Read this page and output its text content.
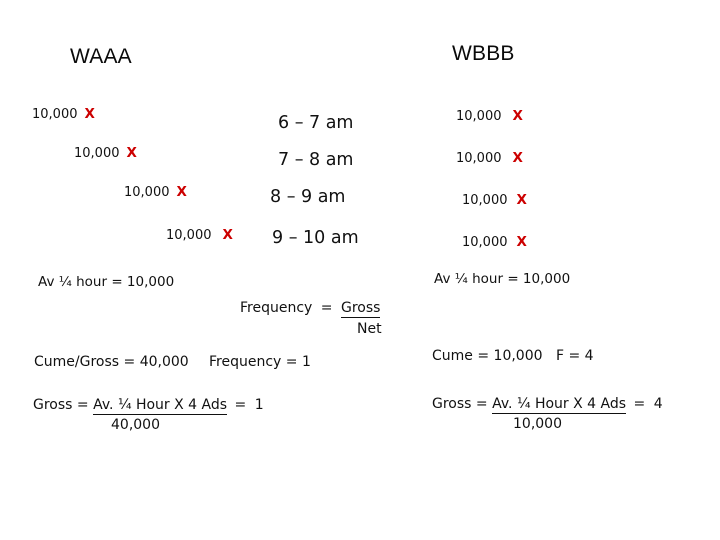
WAAA	WBBB
10,000 X
10,000 X
10,000 X
10,000 X
6 – 7 am
7 – 8 am
8 – 9 am
9 – 10 am
10,000 X
10,000 X
10,000 X
10,000 X
Av ¼ hour = 10,000
Cume/Gross = 40,000 Frequency = 1
Gross = Av. ¼ Hour X 4 Ads = 1
40,000
Frequency = Gross
Net
Av ¼ hour = 10,000
Cume = 10,000 F = 4
Gross = Av. ¼ Hour X 4 Ads = 4
10,000
